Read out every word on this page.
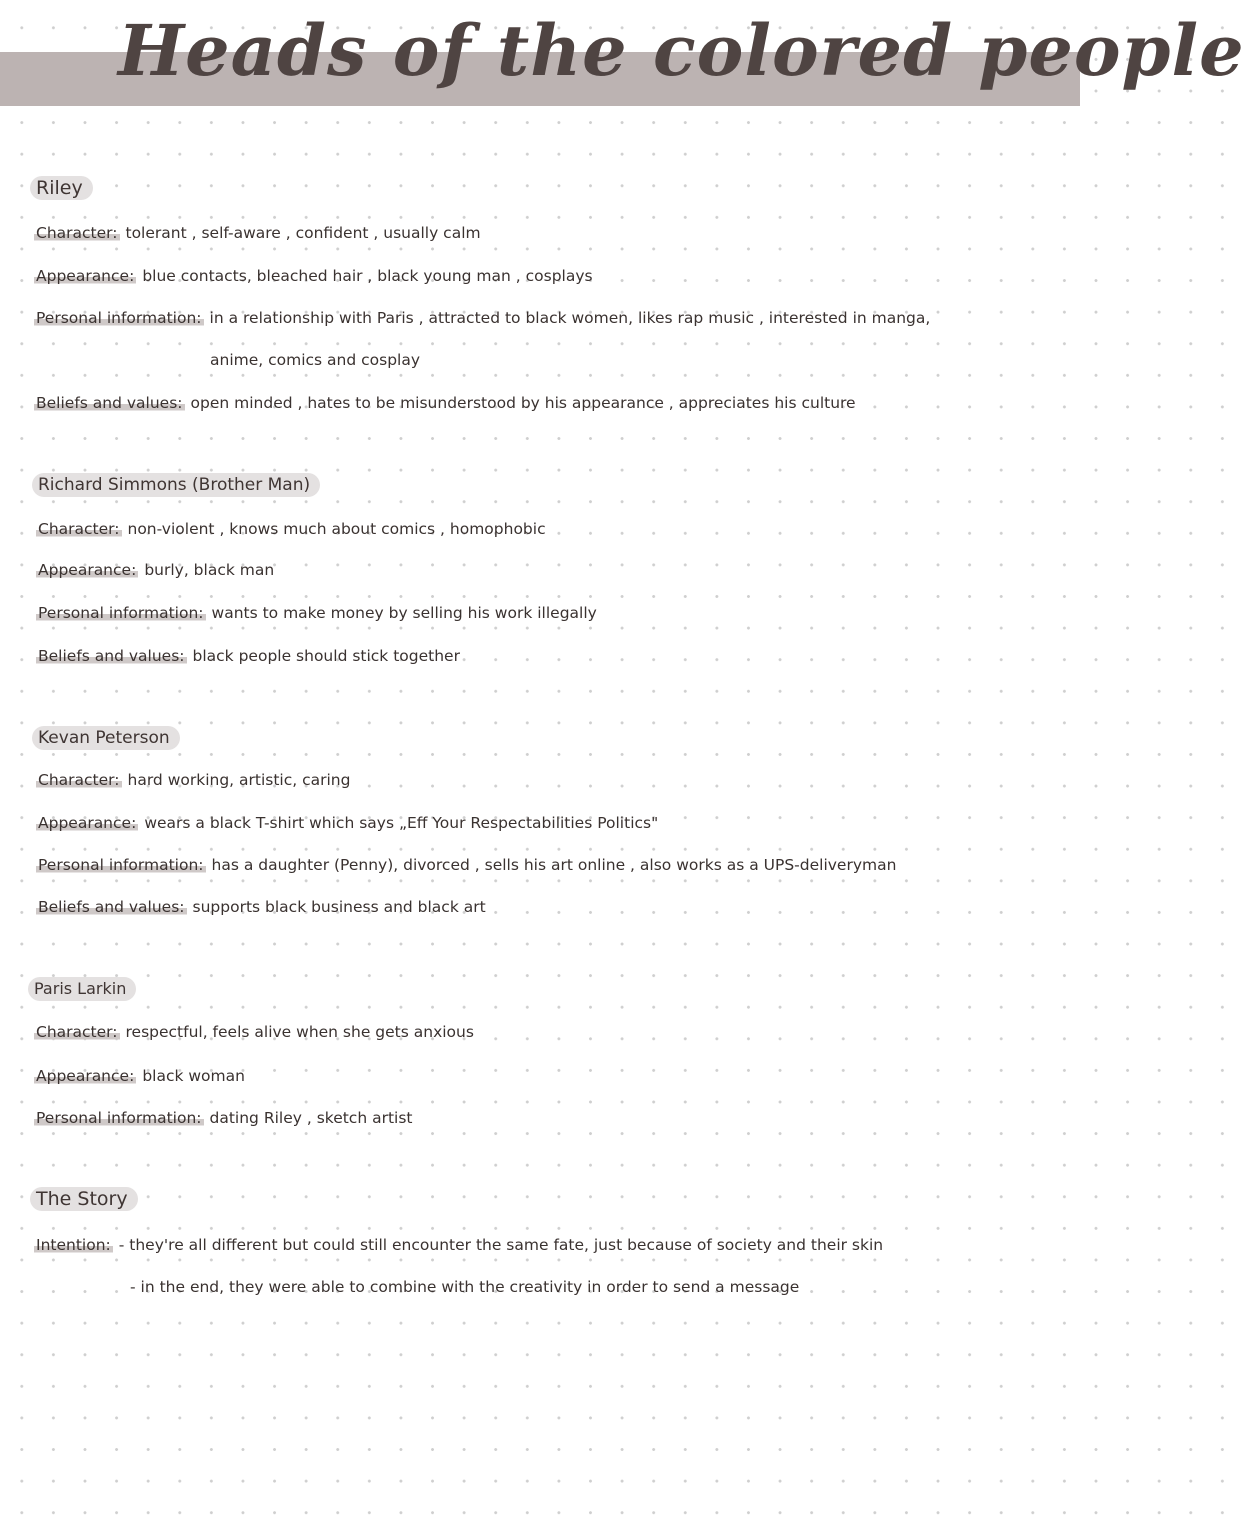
Heads of the colored people
Riley
Character : tolerant , self-aware , confident , usually calm
Appearance : blue contacts, bleached hair , black young man , cosplays
Personal information : in a relationship with Paris , attracted to black women, likes rap music , interested in manga,
anime, comics and cosplay
Beliefs and values : open minded , hates to be misunderstood by his appearance , appreciates his culture
Richard Simmons (Brother Man)
Character : non-violent , knows much about comics , homophobic
Appearance : burly, black man
Personal information : wants to make money by selling his work illegally
Beliefs and values : black people should stick together
Kevan Peterson
Character : hard working, artistic, caring
Appearance : wears a black T-shirt which says „Eff Your Respectabilities Politics"
Personal information : has a daughter (Penny), divorced , sells his art online , also works as a UPS-deliveryman
Beliefs and values : supports black business and black art
Paris Larkin
Character : respectful, feels alive when she gets anxious
Appearance : black woman
Personal information : dating Riley , sketch artist
The Story
Intention : - they're all different but could still encounter the same fate, just because of society and their skin
- in the end, they were able to combine with the creativity in order to send a message
